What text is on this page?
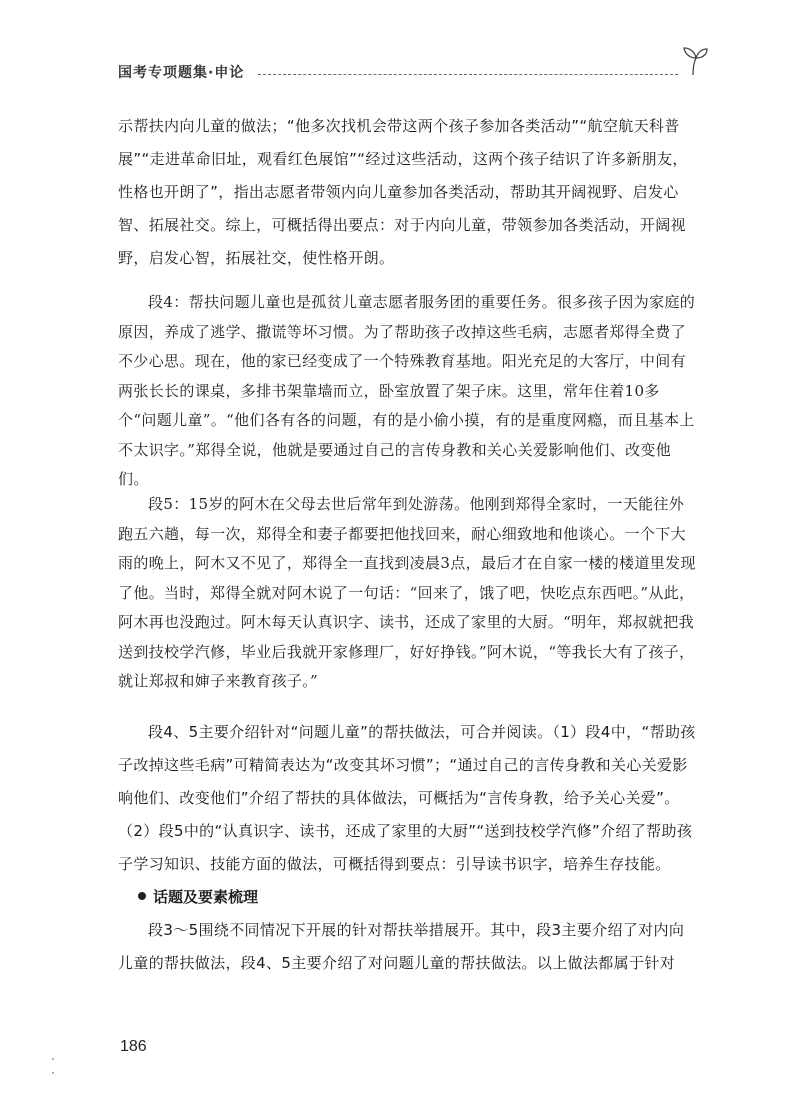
国考专项题集·申论

示帮扶内向儿童的做法；“他多次找机会带这两个孩子参加各类活动”“航空航天科普展”“走进革命旧址，观看红色展馆”“经过这些活动，这两个孩子结识了许多新朋友，性格也开朗了”，指出志愿者带领内向儿童参加各类活动，帮助其开阔视野、启发心智、拓展社交。综上，可概括得出要点：对于内向儿童，带领参加各类活动，开阔视野，启发心智，拓展社交，使性格开朗。

段4：帮扶问题儿童也是孤贫儿童志愿者服务团的重要任务。很多孩子因为家庭的原因，养成了逃学、撒谎等坏习惯。为了帮助孩子改掉这些毛病，志愿者郑得全费了不少心思。现在，他的家已经变成了一个特殊教育基地。阳光充足的大客厅，中间有两张长长的课桌，多排书架靠墙而立，卧室放置了架子床。这里，常年住着10多个“问题儿童”。“他们各有各的问题，有的是小偷小摸，有的是重度网瘾，而且基本上不太识字。”郑得全说，他就是要通过自己的言传身教和关心关爱影响他们、改变他们。

段5：15岁的阿木在父母去世后常年到处游荡。他刚到郑得全家时，一天能往外跑五六趟，每一次，郑得全和妻子都要把他找回来，耐心细致地和他谈心。一个下大雨的晚上，阿木又不见了，郑得全一直找到凌晨3点，最后才在自家一楼的楼道里发现了他。当时，郑得全就对阿木说了一句话：“回来了，饿了吧，快吃点东西吧。”从此，阿木再也没跑过。阿木每天认真识字、读书，还成了家里的大厨。“明年，郑叔就把我送到技校学汽修，毕业后我就开家修理厂，好好挣钱。”阿木说，“等我长大有了孩子，就让郑叔和婶子来教育孩子。”

段4、5主要介绍针对“问题儿童”的帮扶做法，可合并阅读。（1）段4中，“帮助孩子改掉这些毛病”可精简表达为“改变其坏习惯”；“通过自己的言传身教和关心关爱影响他们、改变他们”介绍了帮扶的具体做法，可概括为“言传身教，给予关心关爱”。（2）段5中的“认真识字、读书，还成了家里的大厨”“送到技校学汽修”介绍了帮助孩子学习知识、技能方面的做法，可概括得到要点：引导读书识字，培养生存技能。

话题及要素梳理

段3～5围绕不同情况下开展的针对帮扶举措展开。其中，段3主要介绍了对内向儿童的帮扶做法，段4、5主要介绍了对问题儿童的帮扶做法。以上做法都属于针对

186
